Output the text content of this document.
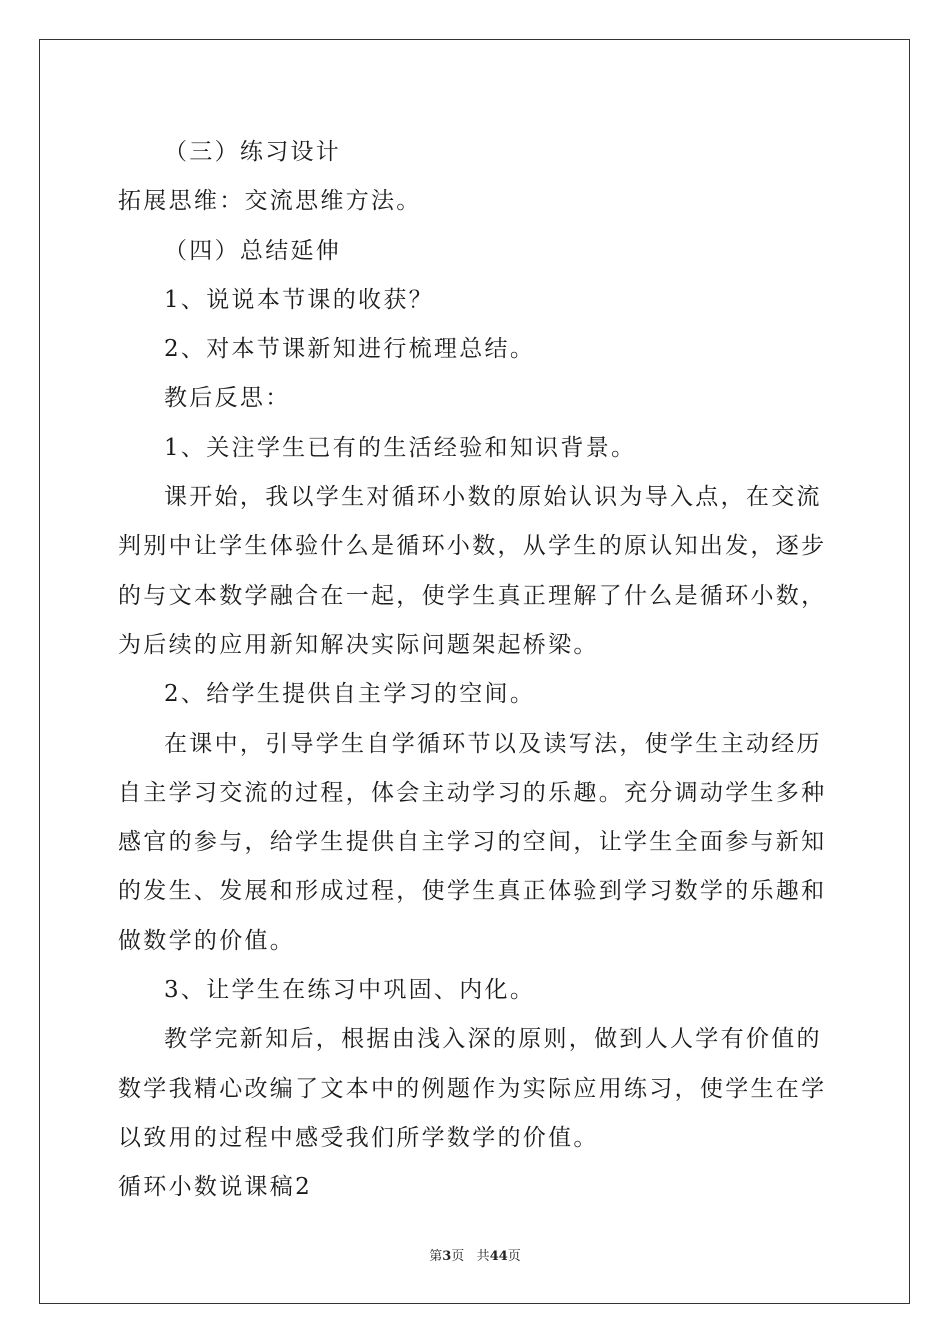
（三）练习设计

拓展思维：交流思维方法。

（四）总结延伸

1、说说本节课的收获？

2、对本节课新知进行梳理总结。

教后反思：

1、关注学生已有的生活经验和知识背景。

课开始，我以学生对循环小数的原始认识为导入点，在交流判别中让学生体验什么是循环小数，从学生的原认知出发，逐步的与文本数学融合在一起，使学生真正理解了什么是循环小数，为后续的应用新知解决实际问题架起桥梁。

2、给学生提供自主学习的空间。

在课中，引导学生自学循环节以及读写法，使学生主动经历自主学习交流的过程，体会主动学习的乐趣。充分调动学生多种感官的参与，给学生提供自主学习的空间，让学生全面参与新知的发生、发展和形成过程，使学生真正体验到学习数学的乐趣和做数学的价值。

3、让学生在练习中巩固、内化。

教学完新知后，根据由浅入深的原则，做到人人学有价值的数学我精心改编了文本中的例题作为实际应用练习，使学生在学以致用的过程中感受我们所学数学的价值。

循环小数说课稿2

第3页 共44页
